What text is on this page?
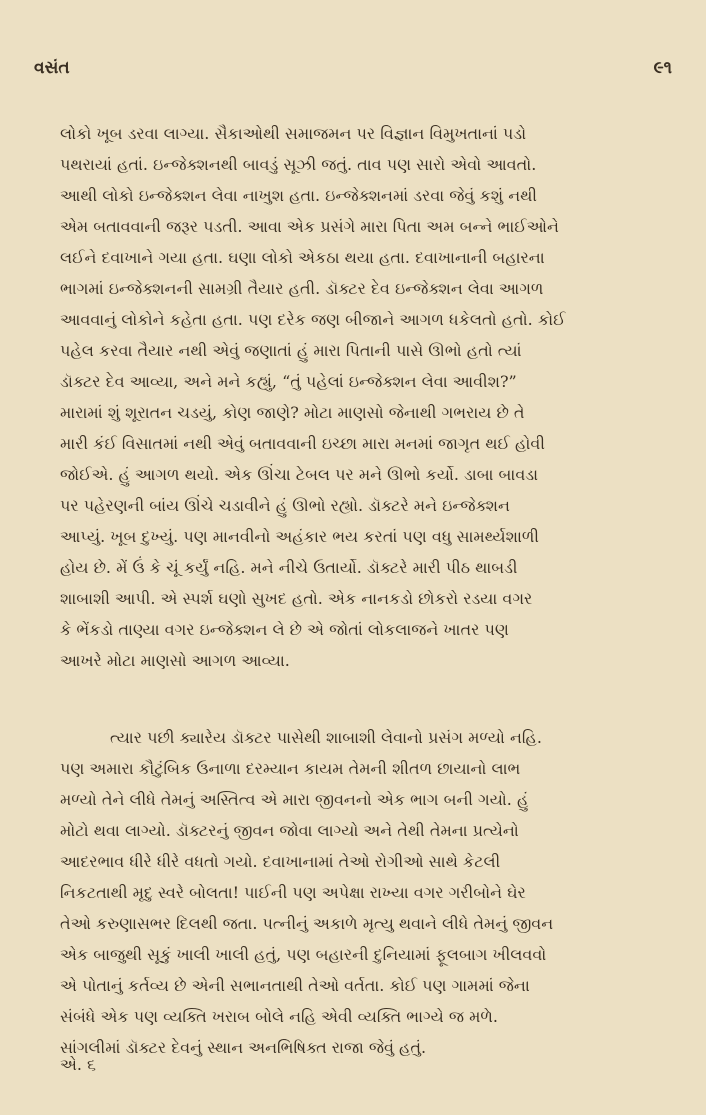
વસંત	૯૧
લોકો ખૂબ ડરવા લાગ્યા. સૈકાઓથી સમાજમન પર વિજ્ઞાન વિમુખતાનાં પડો
પથરાયાં હતાં. ઇન્જેક્શનથી બાવડું સૂઝી જતું. તાવ પણ સારો એવો આવતો.
આથી લોકો ઇન્જેક્શન લેવા નાખુશ હતા. ઇન્જેક્શનમાં ડરવા જેવું કશું નથી
એમ બતાવવાની જરૂર પડતી. આવા એક પ્રસંગે મારા પિતા અમ બન્ને ભાઈઓને
લઈને દવાખાને ગયા હતા. ઘણા લોકો એકઠા થયા હતા. દવાખાનાની બહારના
ભાગમાં ઇન્જેક્શનની સામગ્રી તૈયાર હતી. ડૉક્ટર દેવ ઇન્જેક્શન લેવા આગળ
આવવાનું લોકોને કહેતા હતા. પણ દરેક જણ બીજાને આગળ ધકેલતો હતો. કોઈ
પહેલ કરવા તૈયાર નથી એવું જણાતાં હું મારા પિતાની પાસે ઊભો હતો ત્યાં
ડૉક્ટર દેવ આવ્યા, અને મને કહ્યું, “તું પહેલાં ઇન્જેક્શન લેવા આવીશ?”
મારામાં શું શૂરાતન ચડયું, કોણ જાણે? મોટા માણસો જેનાથી ગભરાય છે તે
મારી કંઈ વિસાતમાં નથી એવું બતાવવાની ઇચ્છા મારા મનમાં જાગૃત થઈ હોવી
જોઈએ. હું આગળ થયો. એક ઊંચા ટેબલ પર મને ઊભો કર્યો. ડાબા બાવડા
પર પહેરણની બાંય ઊંચે ચડાવીને હું ઊભો રહ્યો. ડૉક્ટરે મને ઇન્જેક્શન
આપ્યું. ખૂબ દુખ્યું. પણ માનવીનો અહંકાર ભય કરતાં પણ વધુ સામર્થ્યશાળી
હોય છે. મેં ઉં કે ચૂં કર્યું નહિ. મને નીચે ઉતાર્યો. ડૉક્ટરે મારી પીઠ થાબડી
શાબાશી આપી. એ સ્પર્શ ઘણો સુખદ હતો. એક નાનકડો છોકરો રડયા વગર
કે ભેંકડો તાણ્યા વગર ઇન્જેક્શન લે છે એ જોતાં લોકલાજને ખાતર પણ
આખરે મોટા માણસો આગળ આવ્યા.
ત્યાર પછી ક્યારેય ડૉક્ટર પાસેથી શાબાશી લેવાનો પ્રસંગ મળ્યો નહિ.
પણ અમારા કૌટુંબિક ઉનાળા દરમ્યાન કાયમ તેમની શીતળ છાયાનો લાભ
મળ્યો તેને લીધે તેમનું અસ્તિત્વ એ મારા જીવનનો એક ભાગ બની ગયો. હું
મોટો થવા લાગ્યો. ડૉક્ટરનું જીવન જોવા લાગ્યો અને તેથી તેમના પ્રત્યેનો
આદરભાવ ધીરે ધીરે વધતો ગયો. દવાખાનામાં તેઓ રોગીઓ સાથે કેટલી
નિકટતાથી મૃદુ સ્વરે બોલતા! પાઈની પણ અપેક્ષા રાખ્યા વગર ગરીબોને ઘેર
તેઓ કરુણાસભર દિલથી જતા. પત્નીનું અકાળે મૃત્યુ થવાને લીધે તેમનું જીવન
એક બાજુથી સૂકું ખાલી ખાલી હતું, પણ બહારની દુનિયામાં ફૂલબાગ ખીલવવો
એ પોતાનું કર્તવ્ય છે એની સભાનતાથી તેઓ વર્તતા. કોઈ પણ ગામમાં જેના
સંબંધે એક પણ વ્યક્તિ ખરાબ બોલે નહિ એવી વ્યક્તિ ભાગ્યે જ મળે.
સાંગલીમાં ડૉક્ટર દેવનું સ્થાન અનભિષિક્ત રાજા જેવું હતું.
એ. ૬
